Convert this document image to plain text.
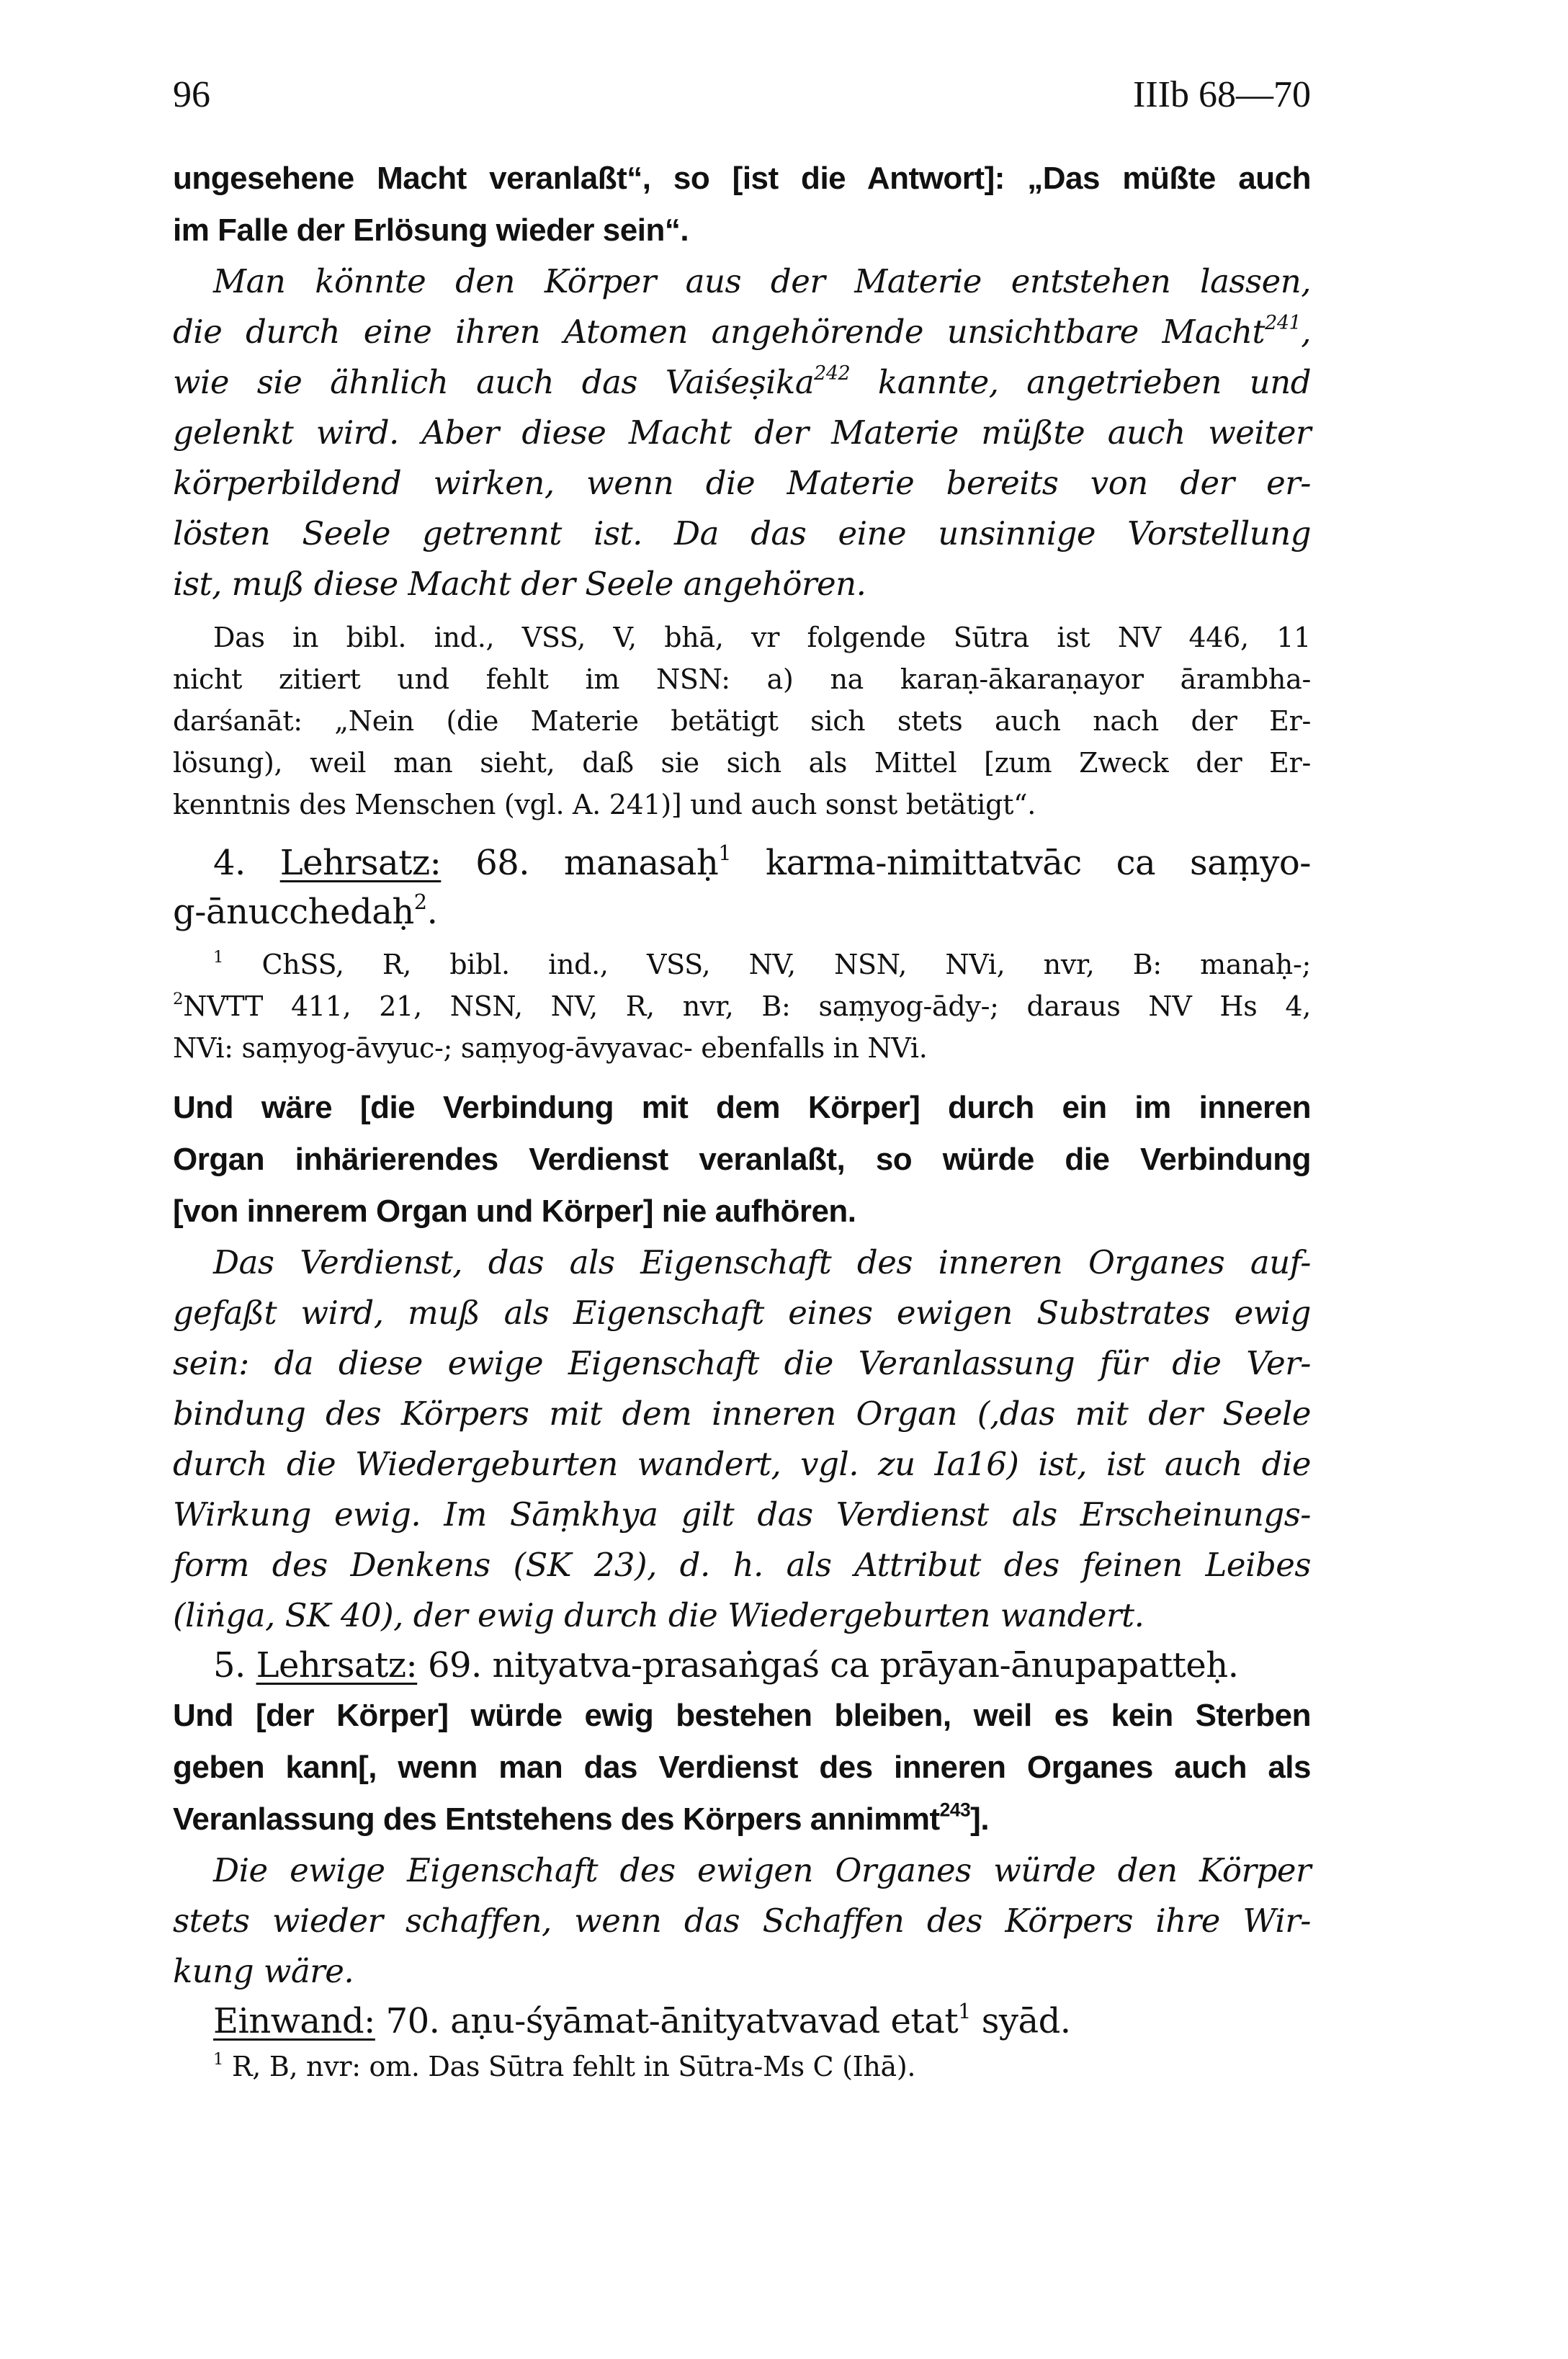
96	IIIb 68—70
ungesehene Macht veranlaßt“, so [ist die Antwort]: „Das müßte auch
im Falle der Erlösung wieder sein“.
Man könnte den Körper aus der Materie entstehen lassen,
die durch eine ihren Atomen angehörende unsichtbare Macht$^{241}$,
wie sie ähnlich auch das Vaiśeṣika$^{242}$ kannte, angetrieben und
gelenkt wird. Aber diese Macht der Materie müßte auch weiter
körperbildend wirken, wenn die Materie bereits von der er-
lösten Seele getrennt ist. Da das eine unsinnige Vorstellung
ist, muß diese Macht der Seele angehören.
Das in bibl. ind., VSS, V, bhā, vr folgende Sūtra ist NV 446, 11
nicht zitiert und fehlt im NSN: a) na karaṇ-ākaraṇayor ārambha-
darśanāt: „Nein (die Materie betätigt sich stets auch nach der Er-
lösung), weil man sieht, daß sie sich als Mittel [zum Zweck der Er-
kenntnis des Menschen (vgl. A. 241)] und auch sonst betätigt“.
4. Lehrsatz: 68. manasaḥ$^1$ karma-nimittatvāc ca saṃyo-
g-ānucchedaḥ$^2$.
$^1$ ChSS, R, bibl. ind., VSS, NV, NSN, NVi, nvr, B: manaḥ-;
$^2$NVTT 411, 21, NSN, NV, R, nvr, B: saṃyog-ādy-; daraus NV Hs 4,
NVi: saṃyog-āvyuc-; saṃyog-āvyavac- ebenfalls in NVi.
Und wäre [die Verbindung mit dem Körper] durch ein im inneren
Organ inhärierendes Verdienst veranlaßt, so würde die Verbindung
[von innerem Organ und Körper] nie aufhören.
Das Verdienst, das als Eigenschaft des inneren Organes auf-
gefaßt wird, muß als Eigenschaft eines ewigen Substrates ewig
sein: da diese ewige Eigenschaft die Veranlassung für die Ver-
bindung des Körpers mit dem inneren Organ (‚das mit der Seele
durch die Wiedergeburten wandert, vgl. zu Ia16) ist, ist auch die
Wirkung ewig. Im Sāṃkhya gilt das Verdienst als Erscheinungs-
form des Denkens (SK 23), d. h. als Attribut des feinen Leibes
(liṅga, SK 40), der ewig durch die Wiedergeburten wandert.
5. Lehrsatz: 69. nityatva-prasaṅgaś ca prāyan-ānupapatteḥ.
Und [der Körper] würde ewig bestehen bleiben, weil es kein Sterben
geben kann[, wenn man das Verdienst des inneren Organes auch als
Veranlassung des Entstehens des Körpers annimmt$^{243}$].
Die ewige Eigenschaft des ewigen Organes würde den Körper
stets wieder schaffen, wenn das Schaffen des Körpers ihre Wir-
kung wäre.
Einwand: 70. aṇu-śyāmat-ānityatvavad etat$^1$ syād.
$^1$ R, B, nvr: om. Das Sūtra fehlt in Sūtra-Ms C (Ihā).
